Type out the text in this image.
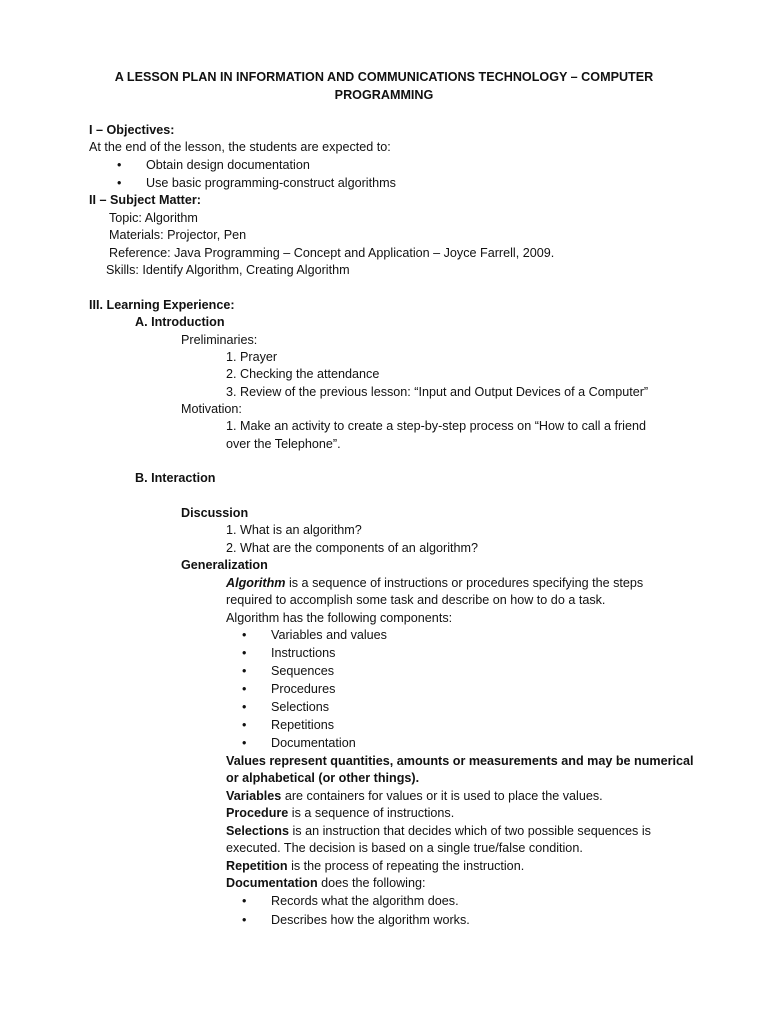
A LESSON PLAN IN INFORMATION AND COMMUNICATIONS TECHNOLOGY – COMPUTER
PROGRAMMING
I – Objectives:
At the end of the lesson, the students are expected to:
• Obtain design documentation
• Use basic programming-construct algorithms
II – Subject Matter:
Topic: Algorithm
Materials: Projector, Pen
Reference: Java Programming – Concept and Application – Joyce Farrell, 2009.
Skills: Identify Algorithm, Creating Algorithm
III. Learning Experience:
A. Introduction
Preliminaries:
1. Prayer
2. Checking the attendance
3. Review of the previous lesson: “Input and Output Devices of a Computer”
Motivation:
1. Make an activity to create a step-by-step process on “How to call a friend
over the Telephone”.
B. Interaction
Discussion
1. What is an algorithm?
2. What are the components of an algorithm?
Generalization
Algorithm is a sequence of instructions or procedures specifying the steps
required to accomplish some task and describe on how to do a task.
Algorithm has the following components:
• Variables and values
• Instructions
• Sequences
• Procedures
• Selections
• Repetitions
• Documentation
Values represent quantities, amounts or measurements and may be numerical
or alphabetical (or other things).
Variables are containers for values or it is used to place the values.
Procedure is a sequence of instructions.
Selections is an instruction that decides which of two possible sequences is
executed. The decision is based on a single true/false condition.
Repetition is the process of repeating the instruction.
Documentation does the following:
• Records what the algorithm does.
• Describes how the algorithm works.
